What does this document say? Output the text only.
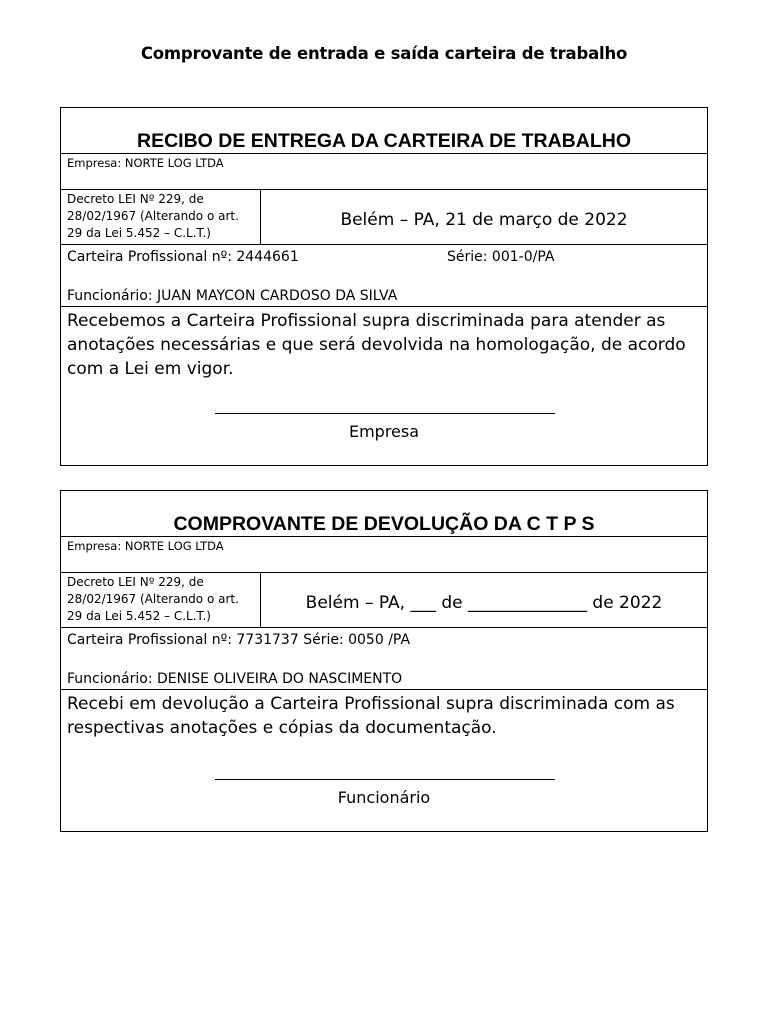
Comprovante de entrada e saída carteira de trabalho
RECIBO DE ENTREGA DA CARTEIRA DE TRABALHO
Empresa: NORTE LOG LTDA
Decreto LEI Nº 229, de
28/02/1967 (Alterando o art.
29 da Lei 5.452 – C.L.T.)
Belém – PA, 21 de março de 2022
Carteira Profissional nº: 2444661	Série: 001-0/PA
Funcionário: JUAN MAYCON CARDOSO DA SILVA
Recebemos a Carteira Profissional supra discriminada para atender as anotações necessárias e que será devolvida na homologação, de acordo com a Lei em vigor.
Empresa
COMPROVANTE DE DEVOLUÇÃO DA C T P S
Empresa: NORTE LOG LTDA
Decreto LEI Nº 229, de
28/02/1967 (Alterando o art.
29 da Lei 5.452 – C.L.T.)
Belém – PA, ___ de ______________ de 2022
Carteira Profissional nº: 7731737 Série: 0050 /PA
Funcionário: DENISE OLIVEIRA DO NASCIMENTO
Recebi em devolução a Carteira Profissional supra discriminada com as respectivas anotações e cópias da documentação.
Funcionário
